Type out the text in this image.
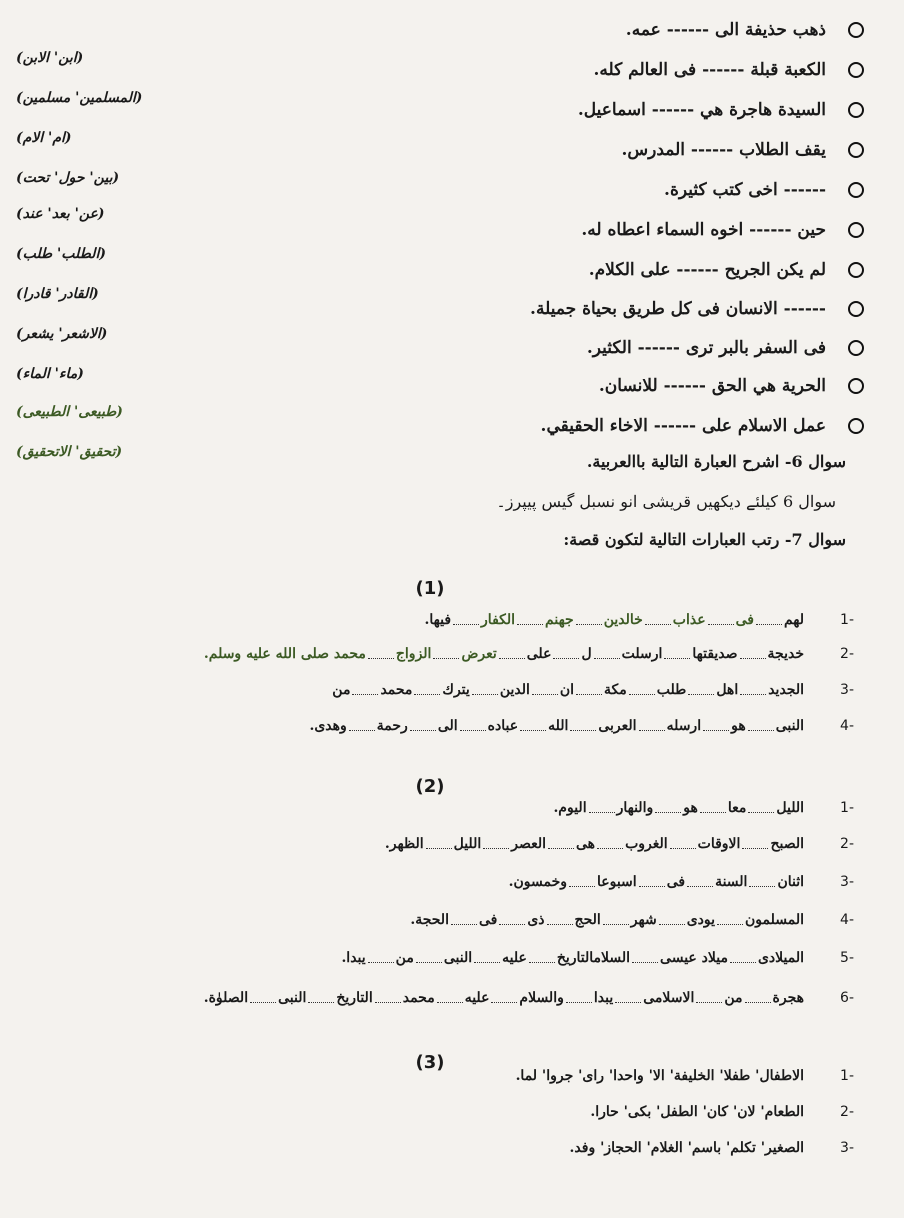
ذهب حذيفة الى ------ عمه.
الكعبة قبلة ------ فى العالم كله.
السيدة هاجرة هي ------ اسماعيل.
يقف الطلاب ------ المدرس.
------ اخى كتب كثيرة.
حين ------ اخوه السماء اعطاه له.
لم يكن الجريح ------ على الكلام.
------ الانسان فى كل طريق بحياة جميلة.
فى السفر بالبر ترى ------ الكثير.
الحرية هي الحق ------ للانسان.
عمل الاسلام على ------ الاخاء الحقيقي.
(ابن' الابن)
(المسلمين' مسلمين)
(ام' الام)
(بين' حول' تحت)
(عن' بعد' عند)
(الطلب' طلب)
(القادر' قادرا)
(الاشعر' يشعر)
(ماء' الماء)
(طبيعى' الطبيعى)
(تحقيق' الاتحقيق)	سوال 6- اشرح العبارة التالية باالعربية.
سوال 6 کیلئے دیکھیں قریشی انو نسبل گیس پیپرز۔
سوال 7- رتب العبارات التالية لتكون قصة:
(1)
1-
لهمفىعذابخالدينجهنمالكفارفيها.
2-
خديجةصديقتهاارسلتلعلىتعرضالزواجمحمد صلى الله عليه وسلم.
3-
الجديداهلطلبمكةانالدينيتركمحمدمن
4-
النبىهوارسلهالعربىاللهعبادهالىرحمةوهدى.
(2)
1-
الليلمعاهووالنهاراليوم.
2-
الصبحالاوقاتالغروبهىالعصرالليلالظهر.
3-
اثنانالسنةفىاسبوعاوخمسون.
4-
المسلمونيودىشهرالحجذىفىالحجة.
5-
الميلادىميلاد عيسىالسلامالتاريخعليهالنبىمنيبدا.
6-
هجرةمنالاسلامىيبداوالسلامعليهمحمدالتاريخالنبىالصلوٰة.
(3)
1-
الاطفال' طفلا' الخليفة' الا' واحدا' راى' جروا' لما.
2-
الطعام' لان' كان' الطفل' بكى' حارا.
3-
الصغير' تكلم' باسم' الغلام' الحجاز' وفد.
